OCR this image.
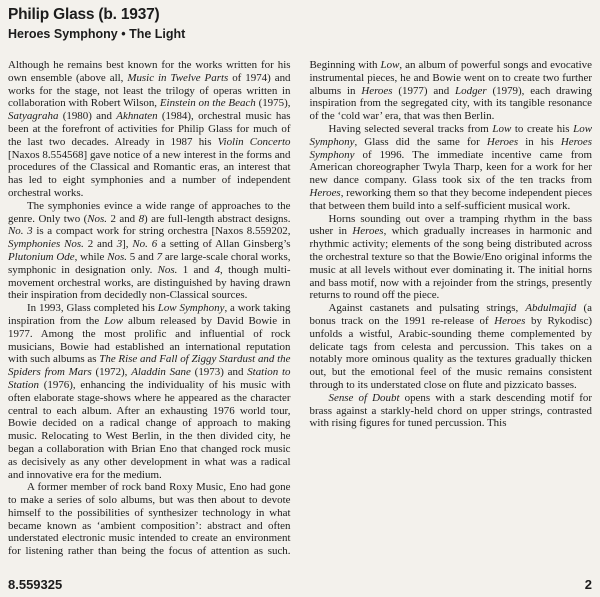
Philip Glass (b. 1937)
Heroes Symphony • The Light

Although he remains best known for the works written for his own ensemble (above all, Music in Twelve Parts of 1974) and works for the stage, not least the trilogy of operas written in collaboration with Robert Wilson, Einstein on the Beach (1975), Satyagraha (1980) and Akhnaten (1984), orchestral music has been at the forefront of activities for Philip Glass for much of the last two decades. Already in 1987 his Violin Concerto [Naxos 8.554568] gave notice of a new interest in the forms and procedures of the Classical and Romantic eras, an interest that has led to eight symphonies and a number of independent orchestral works.

The symphonies evince a wide range of approaches to the genre. Only two (Nos. 2 and 8) are full-length abstract designs. No. 3 is a compact work for string orchestra [Naxos 8.559202, Symphonies Nos. 2 and 3], No. 6 a setting of Allan Ginsberg’s Plutonium Ode, while Nos. 5 and 7 are large-scale choral works, symphonic in designation only. Nos. 1 and 4, though multi-movement orchestral works, are distinguished by having drawn their inspiration from decidedly non-Classical sources.

In 1993, Glass completed his Low Symphony, a work taking inspiration from the Low album released by David Bowie in 1977. Among the most prolific and influential of rock musicians, Bowie had established an international reputation with such albums as The Rise and Fall of Ziggy Stardust and the Spiders from Mars (1972), Aladdin Sane (1973) and Station to Station (1976), enhancing the individuality of his music with often elaborate stage-shows where he appeared as the character central to each album. After an exhausting 1976 world tour, Bowie decided on a radical change of approach to making music. Relocating to West Berlin, in the then divided city, he began a collaboration with Brian Eno that changed rock music as decisively as any other development in what was a radical and innovative era for the medium.

A former member of rock band Roxy Music, Eno had gone to make a series of solo albums, but was then about to devote himself to the possibilities of synthesizer technology in what became known as ‘ambient composition’: abstract and often understated electronic music intended to create an environment for listening rather than being the focus of attention as such. Beginning with Low, an album of powerful songs and evocative instrumental pieces, he and Bowie went on to create two further albums in Heroes (1977) and Lodger (1979), each drawing inspiration from the segregated city, with its tangible resonance of the ‘cold war’ era, that was then Berlin.

Having selected several tracks from Low to create his Low Symphony, Glass did the same for Heroes in his Heroes Symphony of 1996. The immediate incentive came from American choreographer Twyla Tharp, keen for a work for her new dance company. Glass took six of the ten tracks from Heroes, reworking them so that they become independent pieces that between them build into a self-sufficient musical work.

Horns sounding out over a tramping rhythm in the bass usher in Heroes, which gradually increases in harmonic and rhythmic activity; elements of the song being distributed across the orchestral texture so that the Bowie/Eno original informs the music at all levels without ever dominating it. The initial horns and bass motif, now with a rejoinder from the strings, presently returns to round off the piece.

Against castanets and pulsating strings, Abdulmajid (a bonus track on the 1991 re-release of Heroes by Rykodisc) unfolds a wistful, Arabic-sounding theme complemented by delicate tags from celesta and percussion. This takes on a notably more ominous quality as the textures gradually thicken out, but the emotional feel of the music remains consistent through to its understated close on flute and pizzicato basses.

Sense of Doubt opens with a stark descending motif for brass against a starkly-held chord on upper strings, contrasted with rising figures for tuned percussion. This

8.559325	2
